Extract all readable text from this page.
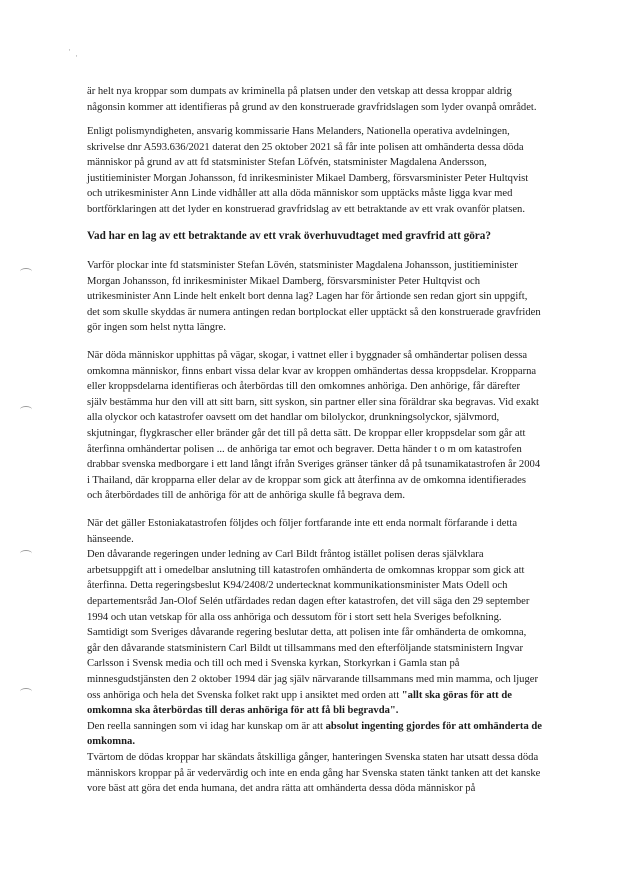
·
·

är helt nya kroppar som dumpats av kriminella på platsen under den vetskap att dessa kroppar aldrig någonsin kommer att identifieras på grund av den konstruerade gravfridslagen som lyder ovanpå området.

Enligt polismyndigheten, ansvarig kommissarie Hans Melanders, Nationella operativa avdelningen, skrivelse dnr A593.636/2021 daterat den 25 oktober 2021 så får inte polisen att omhänderta dessa döda människor på grund av att fd statsminister Stefan Löfvén, statsminister Magdalena Andersson, justitieminister Morgan Johansson, fd inrikesminister Mikael Damberg, försvarsminister Peter Hultqvist och utrikesminister Ann Linde vidhåller att alla döda människor som upptäcks måste ligga kvar med bortförklaringen att det lyder en konstruerad gravfridslag av ett betraktande av ett vrak ovanför platsen.

Vad har en lag av ett betraktande av ett vrak överhuvudtaget med gravfrid att göra?

Varför plockar inte fd statsminister Stefan Lövén, statsminister Magdalena Johansson, justitieminister Morgan Johansson, fd inrikesminister Mikael Damberg, försvarsminister Peter Hultqvist och utrikesminister Ann Linde helt enkelt bort denna lag? Lagen har för årtionde sen redan gjort sin uppgift, det som skulle skyddas är numera antingen redan bortplockat eller upptäckt så den konstruerade gravfriden gör ingen som helst nytta längre.

När döda människor upphittas på vägar, skogar, i vattnet eller i byggnader så omhändertar polisen dessa omkomna människor, finns enbart vissa delar kvar av kroppen omhändertas dessa kroppsdelar. Kropparna eller kroppsdelarna identifieras och återbördas till den omkomnes anhöriga. Den anhörige, får därefter själv bestämma hur den vill att sitt barn, sitt syskon, sin partner eller sina föräldrar ska begravas. Vid exakt alla olyckor och katastrofer oavsett om det handlar om bilolyckor, drunkningsolyckor, självmord, skjutningar, flygkrascher eller bränder går det till på detta sätt. De kroppar eller kroppsdelar som går att återfinna omhändertar polisen ... de anhöriga tar emot och begraver. Detta händer t o m om katastrofen drabbar svenska medborgare i ett land långt ifrån Sveriges gränser tänker då på tsunamikatastrofen år 2004 i Thailand, där kropparna eller delar av de kroppar som gick att återfinna av de omkomna identifierades och återbördades till de anhöriga för att de anhöriga skulle få begrava dem.

När det gäller Estoniakatastrofen följdes och följer fortfarande inte ett enda normalt förfarande i detta hänseende.

Den dåvarande regeringen under ledning av Carl Bildt fråntog istället polisen deras självklara arbetsuppgift att i omedelbar anslutning till katastrofen omhänderta de omkomnas kroppar som gick att återfinna. Detta regeringsbeslut K94/2408/2 undertecknat kommunikationsminister Mats Odell och departementsråd Jan-Olof Selén utfärdades redan dagen efter katastrofen, det vill säga den 29 september 1994 och utan vetskap för alla oss anhöriga och dessutom för i stort sett hela Sveriges befolkning. Samtidigt som Sveriges dåvarande regering beslutar detta, att polisen inte får omhänderta de omkomna, går den dåvarande statsministern Carl Bildt ut tillsammans med den efterföljande statsministern Ingvar Carlsson i Svensk media och till och med i Svenska kyrkan, Storkyrkan i Gamla stan på minnesgudstjänsten den 2 oktober 1994 där jag själv närvarande tillsammans med min mamma, och ljuger oss anhöriga och hela det Svenska folket rakt upp i ansiktet med orden att "allt ska göras för att de omkomna ska återbördas till deras anhöriga för att få bli begravda".

Den reella sanningen som vi idag har kunskap om är att absolut ingenting gjordes för att omhänderta de omkomna.

Tvärtom de dödas kroppar har skändats åtskilliga gånger, hanteringen Svenska staten har utsatt dessa döda människors kroppar på är vedervärdig och inte en enda gång har Svenska staten tänkt tanken att det kanske vore bäst att göra det enda humana, det andra rätta att omhänderta dessa döda människor på
